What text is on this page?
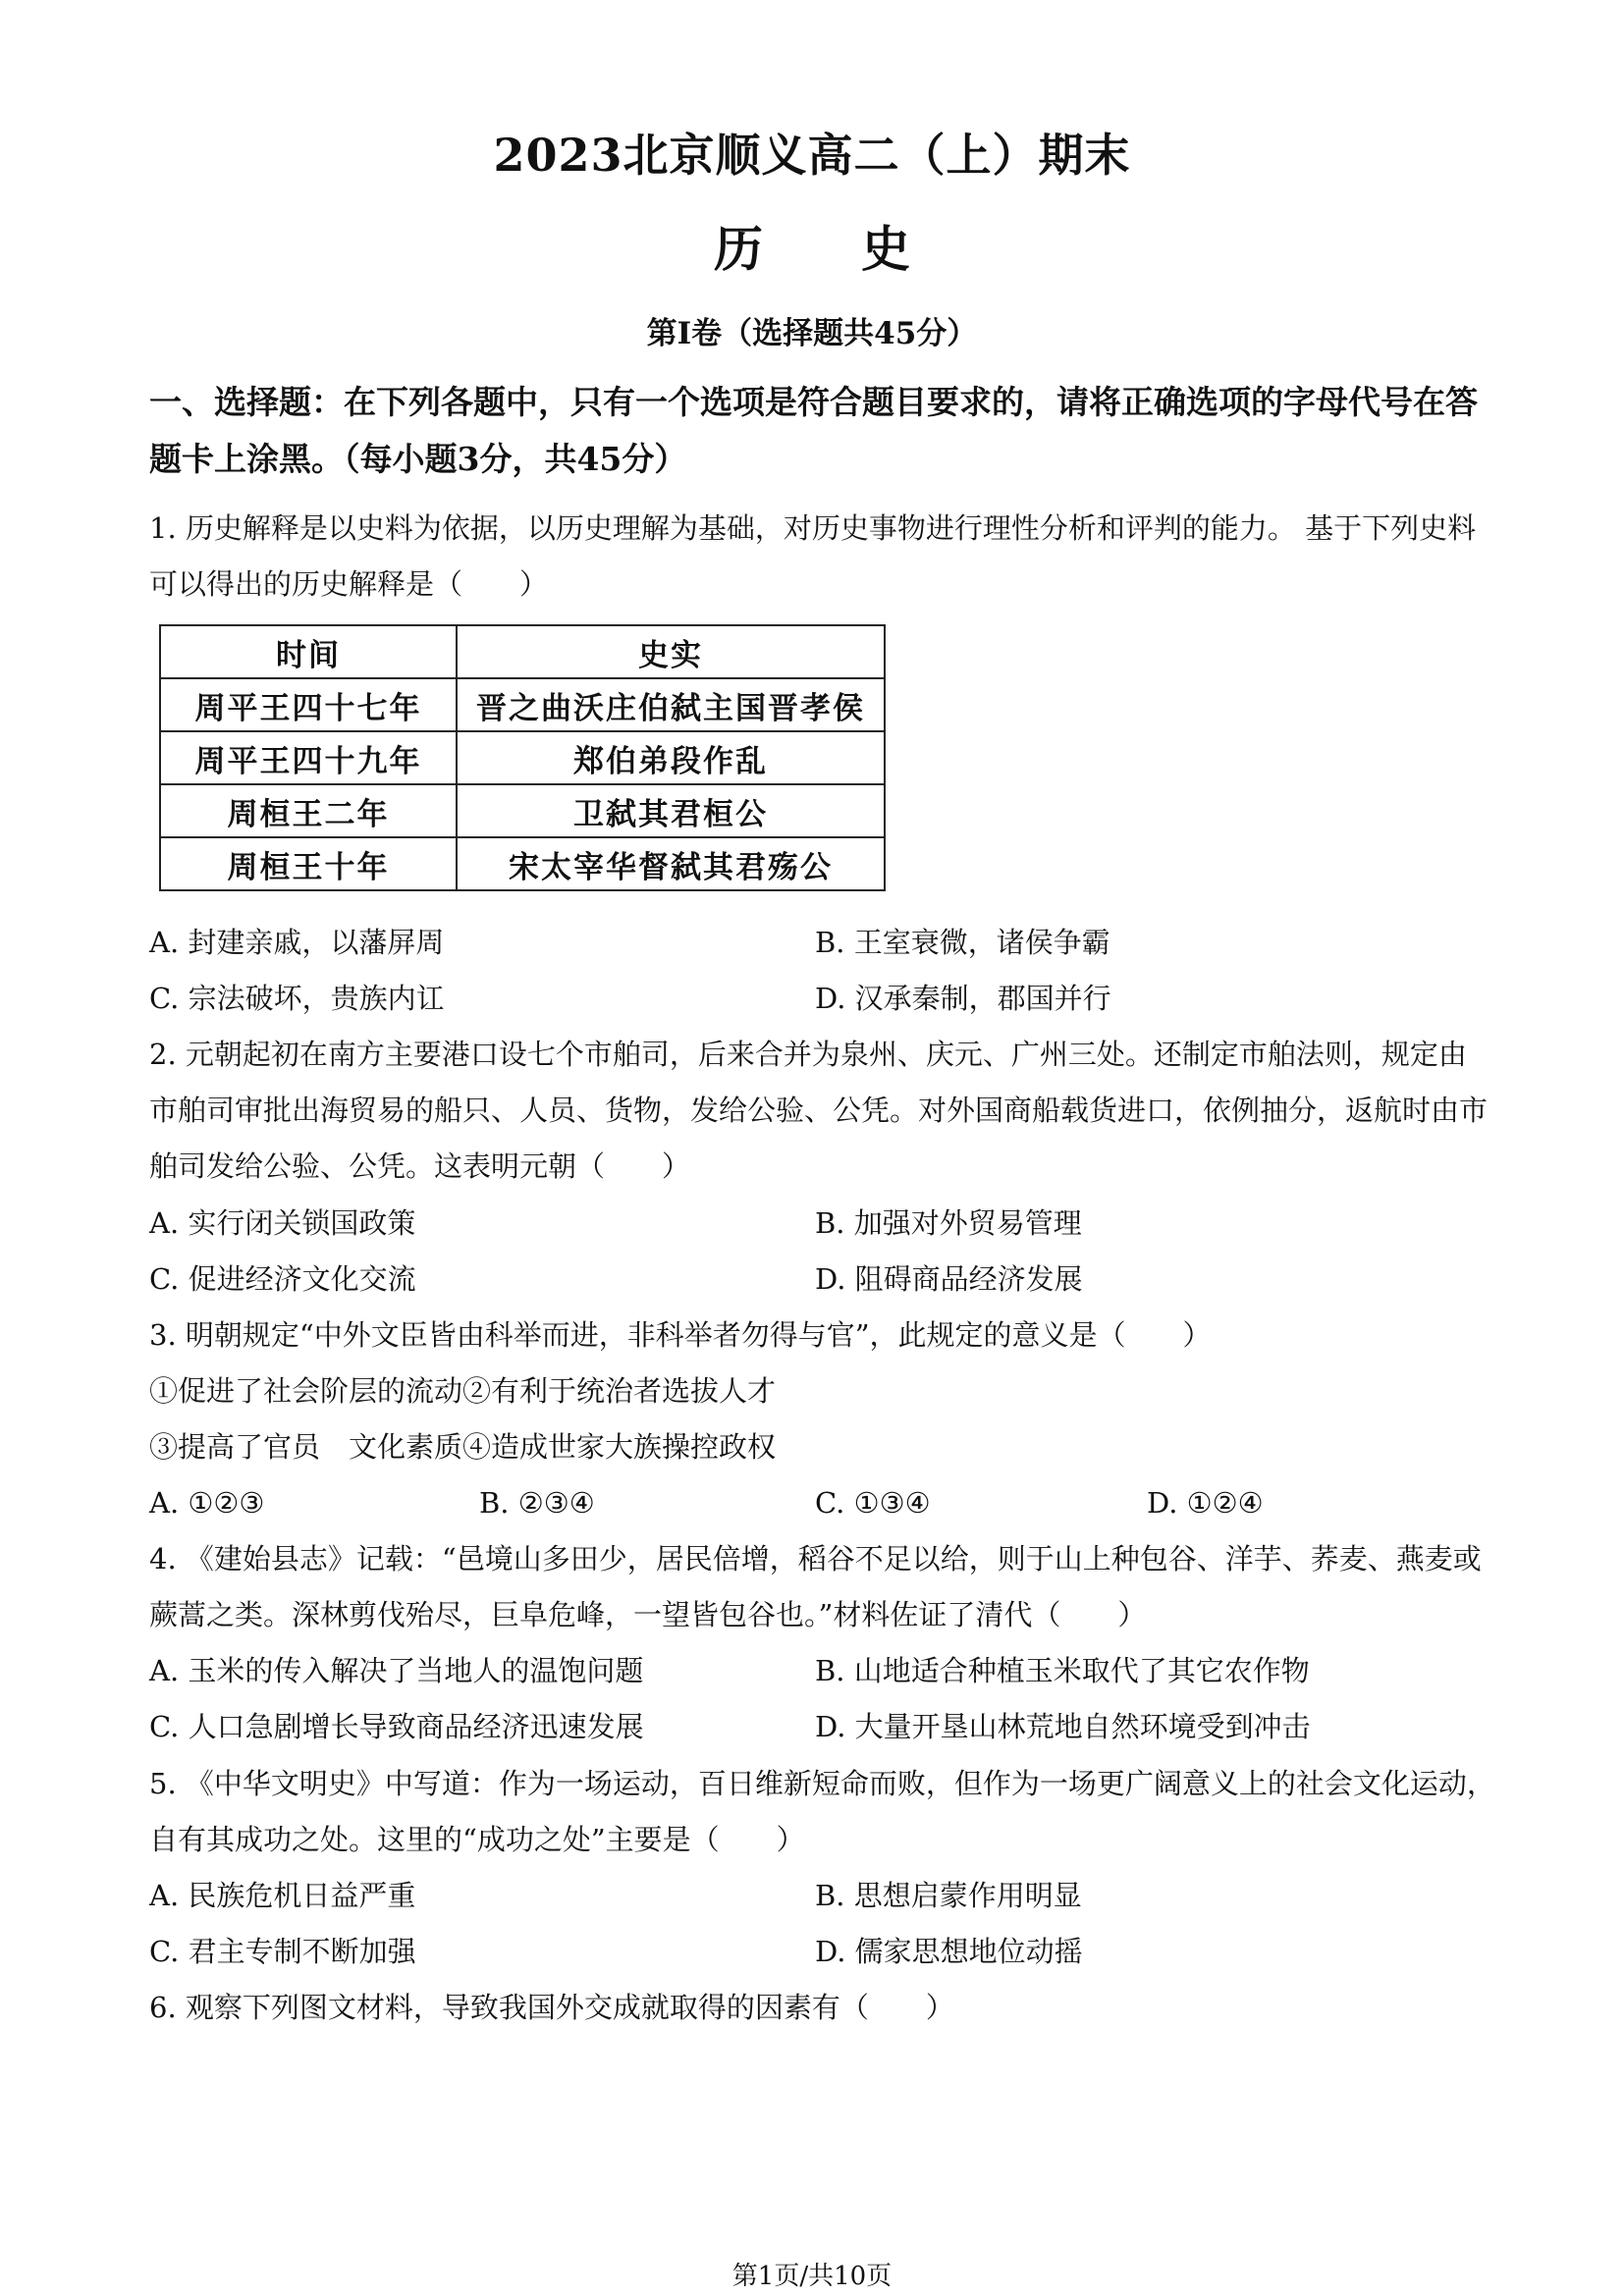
2023北京顺义高二（上）期末
历　　史
第Ⅰ卷（选择题共45分）
一、选择题：在下列各题中，只有一个选项是符合题目要求的，请将正确选项的字母代号在答
题卡上涂黑。（每小题3分，共45分）
1. 历史解释是以史料为依据，以历史理解为基础，对历史事物进行理性分析和评判的能力。 基于下列史料
可以得出的历史解释是（　　）
时间	史实
周平王四十七年	晋之曲沃庄伯弑主国晋孝侯
周平王四十九年	郑伯弟段作乱
周桓王二年	卫弑其君桓公
周桓王十年	宋太宰华督弑其君殇公
A. 封建亲戚，以藩屏周	B. 王室衰微，诸侯争霸
C. 宗法破坏，贵族内讧	D. 汉承秦制，郡国并行
2. 元朝起初在南方主要港口设七个市舶司，后来合并为泉州、庆元、广州三处。还制定市舶法则，规定由
市舶司审批出海贸易的船只、人员、货物，发给公验、公凭。对外国商船载货进口，依例抽分，返航时由市
舶司发给公验、公凭。这表明元朝（　　）
A. 实行闭关锁国政策	B. 加强对外贸易管理
C. 促进经济文化交流	D. 阻碍商品经济发展
3. 明朝规定“中外文臣皆由科举而进，非科举者勿得与官”，此规定的意义是（　　）
①促进了社会阶层的流动②有利于统治者选拔人才
③提高了官员　文化素质④造成世家大族操控政权
A. ①②③	B. ②③④	C. ①③④	D. ①②④
4. 《建始县志》记载：“邑境山多田少，居民倍增，稻谷不足以给，则于山上种包谷、洋芋、荞麦、燕麦或
蕨蒿之类。深林剪伐殆尽，巨阜危峰，一望皆包谷也。”材料佐证了清代（　　）
A. 玉米的传入解决了当地人的温饱问题	B. 山地适合种植玉米取代了其它农作物
C. 人口急剧增长导致商品经济迅速发展	D. 大量开垦山林荒地自然环境受到冲击
5. 《中华文明史》中写道：作为一场运动，百日维新短命而败，但作为一场更广阔意义上的社会文化运动，
自有其成功之处。这里的“成功之处”主要是（　　）
A. 民族危机日益严重	B. 思想启蒙作用明显
C. 君主专制不断加强	D. 儒家思想地位动摇
6. 观察下列图文材料，导致我国外交成就取得的因素有（　　）
第1页/共10页
